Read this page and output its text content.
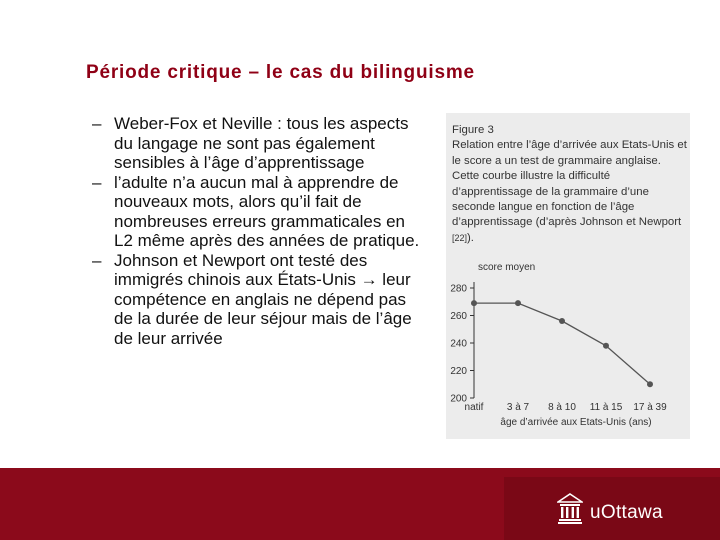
Période critique – le cas du bilinguisme
– Weber-Fox et Neville : tous les aspects du langage ne sont pas également sensibles à l’âge d’apprentissage
– l’adulte n’a aucun mal à apprendre de nouveaux mots, alors qu’il fait de nombreuses erreurs grammaticales en L2 même après des années de pratique.
– Johnson et Newport ont testé des immigrés chinois aux États-Unis → leur compétence en anglais ne dépend pas de la durée de leur séjour mais de l’âge de leur arrivée
Figure 3
Relation entre l’âge d’arrivée aux Etats-Unis et le score a un test de grammaire anglaise. Cette courbe illustre la difficulté d’apprentissage de la grammaire d’une seconde langue en fonction de l’âge d’apprentissage (d’après Johnson et Newport [22]).
280
260
240
220
200
score moyen
natif 3 à 7 8 à 10 11 à 15 17 à 39
âge d’arrivée aux Etats-Unis (ans)
uOttawa
